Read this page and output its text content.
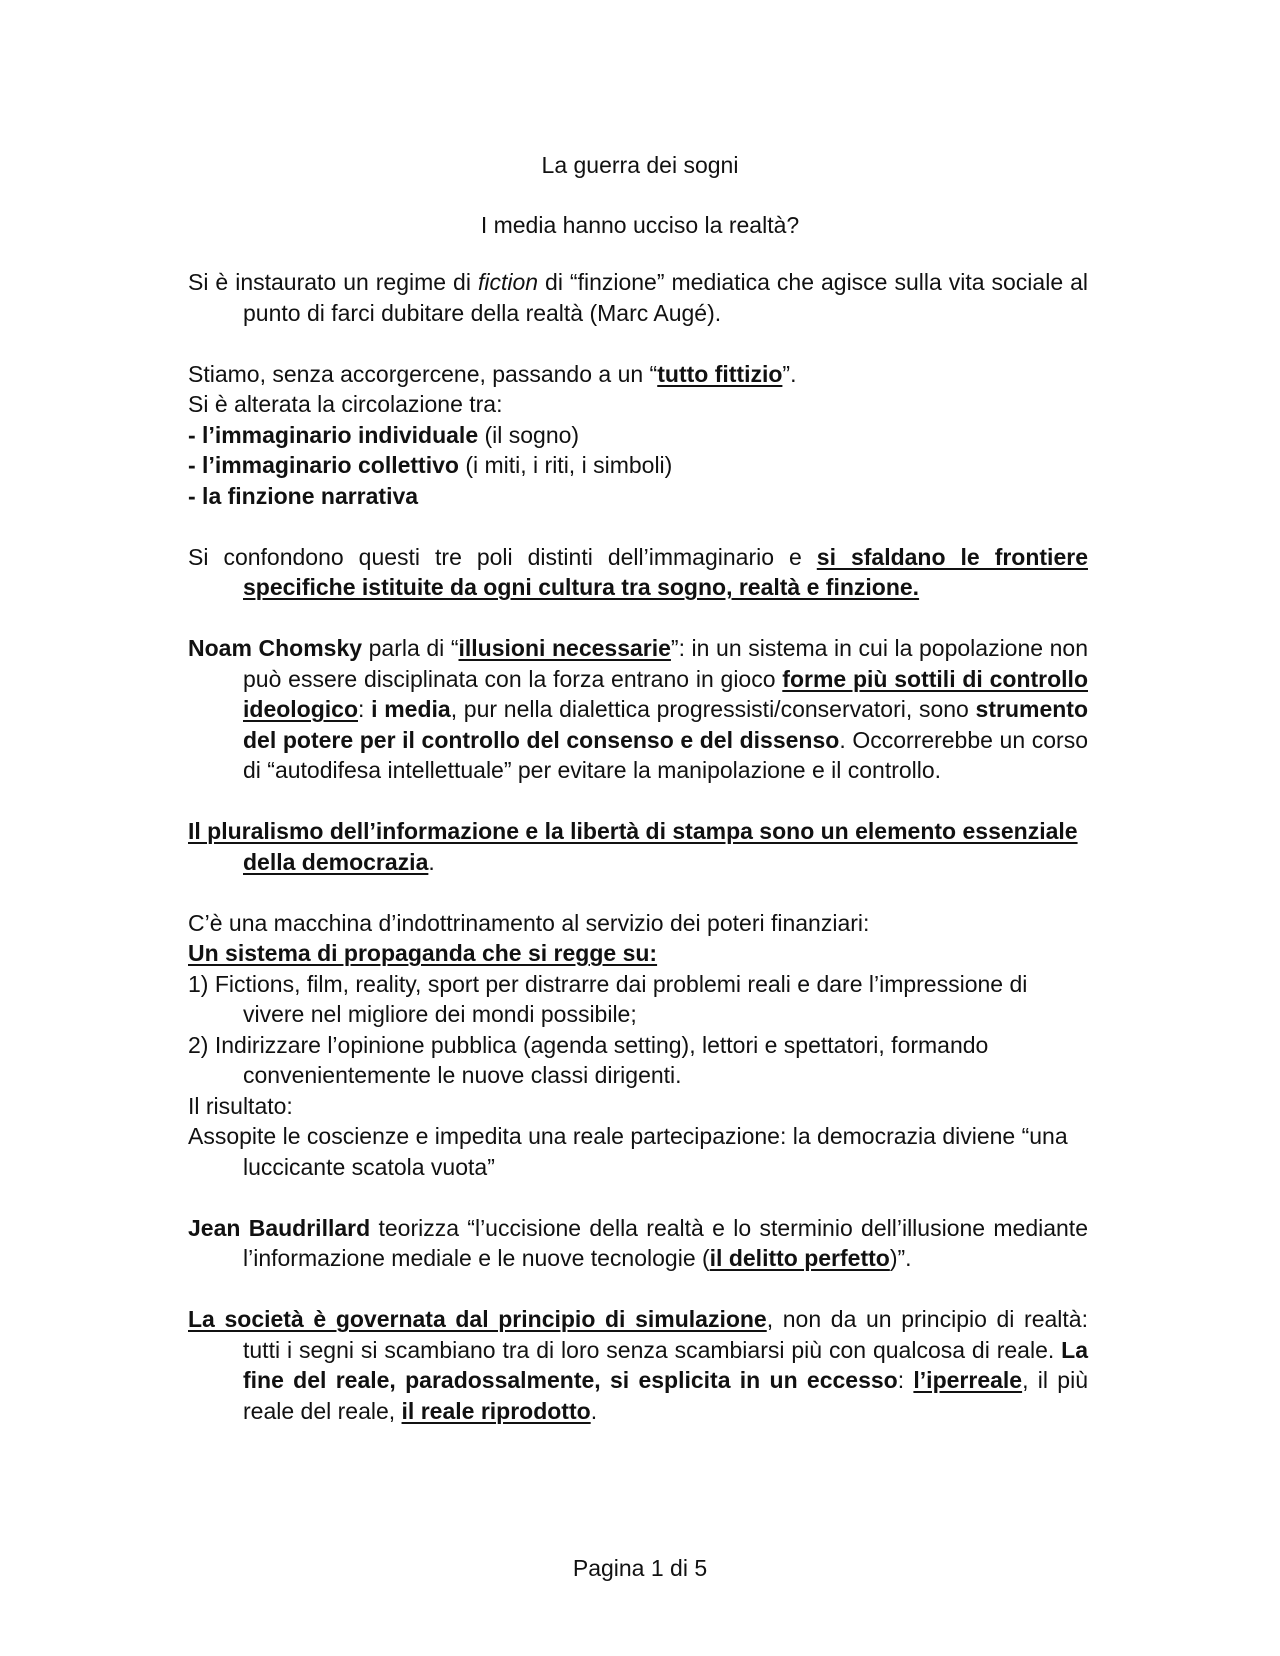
La guerra dei sogni
I media hanno ucciso la realtà?

Si è instaurato un regime di fiction di “finzione” mediatica che agisce sulla vita sociale al punto di farci dubitare della realtà (Marc Augé).

Stiamo, senza accorgercene, passando a un “tutto fittizio”.

Si è alterata la circolazione tra:

- l’immaginario individuale (il sogno)

- l’immaginario collettivo (i miti, i riti, i simboli)

- la finzione narrativa

Si confondono questi tre poli distinti dell’immaginario e si sfaldano le frontiere specifiche istituite da ogni cultura tra sogno, realtà e finzione.

Noam Chomsky parla di “illusioni necessarie”: in un sistema in cui la popolazione non può essere disciplinata con la forza entrano in gioco forme più sottili di controllo ideologico: i media, pur nella dialettica progressisti/conservatori, sono strumento del potere per il controllo del consenso e del dissenso. Occorrerebbe un corso di “autodifesa intellettuale” per evitare la manipolazione e il controllo.

Il pluralismo dell’informazione e la libertà di stampa sono un elemento essenziale della democrazia.

C’è una macchina d’indottrinamento al servizio dei poteri finanziari:

Un sistema di propaganda che si regge su:

1) Fictions, film, reality, sport per distrarre dai problemi reali e dare l’impressione di vivere nel migliore dei mondi possibile;

2) Indirizzare l’opinione pubblica (agenda setting), lettori e spettatori, formando convenientemente le nuove classi dirigenti.

Il risultato:

Assopite le coscienze e impedita una reale partecipazione: la democrazia diviene “una luccicante scatola vuota”

Jean Baudrillard teorizza “l’uccisione della realtà e lo sterminio dell’illusione mediante l’informazione mediale e le nuove tecnologie (il delitto perfetto)”.

La società è governata dal principio di simulazione, non da un principio di realtà: tutti i segni si scambiano tra di loro senza scambiarsi più con qualcosa di reale. La fine del reale, paradossalmente, si esplicita in un eccesso: l’iperreale, il più reale del reale, il reale riprodotto.

Pagina 1 di 5
